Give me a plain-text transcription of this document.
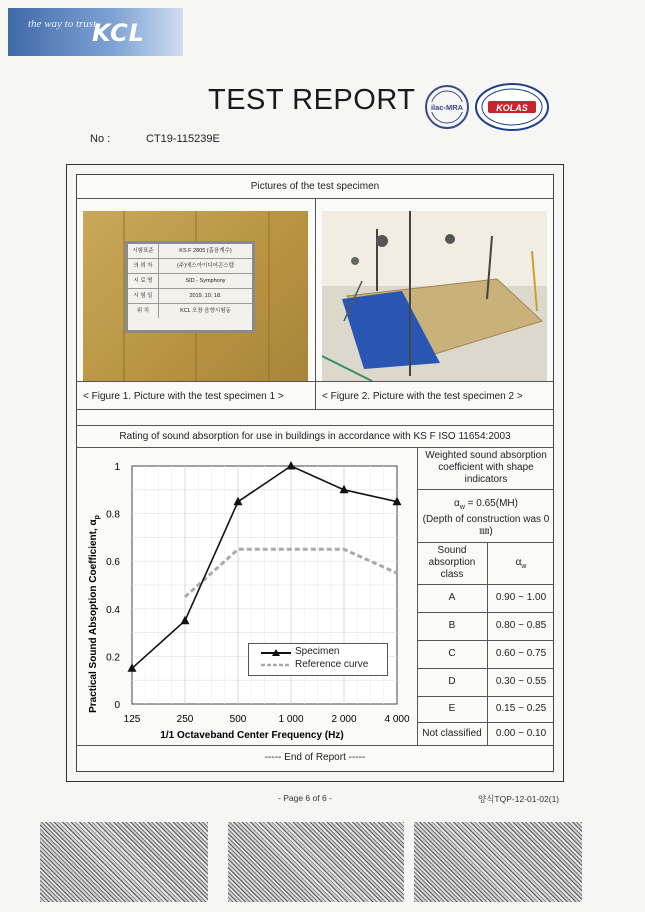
the way to trust
KCL
TEST REPORT ilac-MRA	KOLAS
No :	CT19-115239E
Pictures of the test specimen
시험표준	KS F 2805 (흡음계수)
의 뢰 자	(주)에스아이디어곤스텝
시 료 명	SID - Symphony
시 험 일	2019. 10. 18.
위 치	KCL 오창 음향시험동
< Figure 1. Picture with the test specimen 1 >	< Figure 2. Picture with the test specimen 2 >
Rating of sound absorption for use in buildings in accordance with KS F ISO 11654:2003
Weighted sound absorption coefficient with shape indicators
$\alpha_w = 0.65(MH)$
(Depth of construction was 0 ㎜)
Sound absorption class
$\alpha_w$
A	0.90 ~ 1.00
B	0.80 ~ 0.85
C	0.60 ~ 0.75
D	0.30 ~ 0.55
E	0.15 ~ 0.25
Not classified	0.00 ~ 0.10
0
0.2
0.4
0.6
0.8
1
125	250	500	1 000	2 000	4 000
1/1 Octaveband Center Frequency (Hz)
Practical Sound Absoption Coefficient, $\alpha_p$
Specimen
Reference curve
----- End of Report -----
- Page 6 of 6 -	양식TQP-12-01-02(1)
